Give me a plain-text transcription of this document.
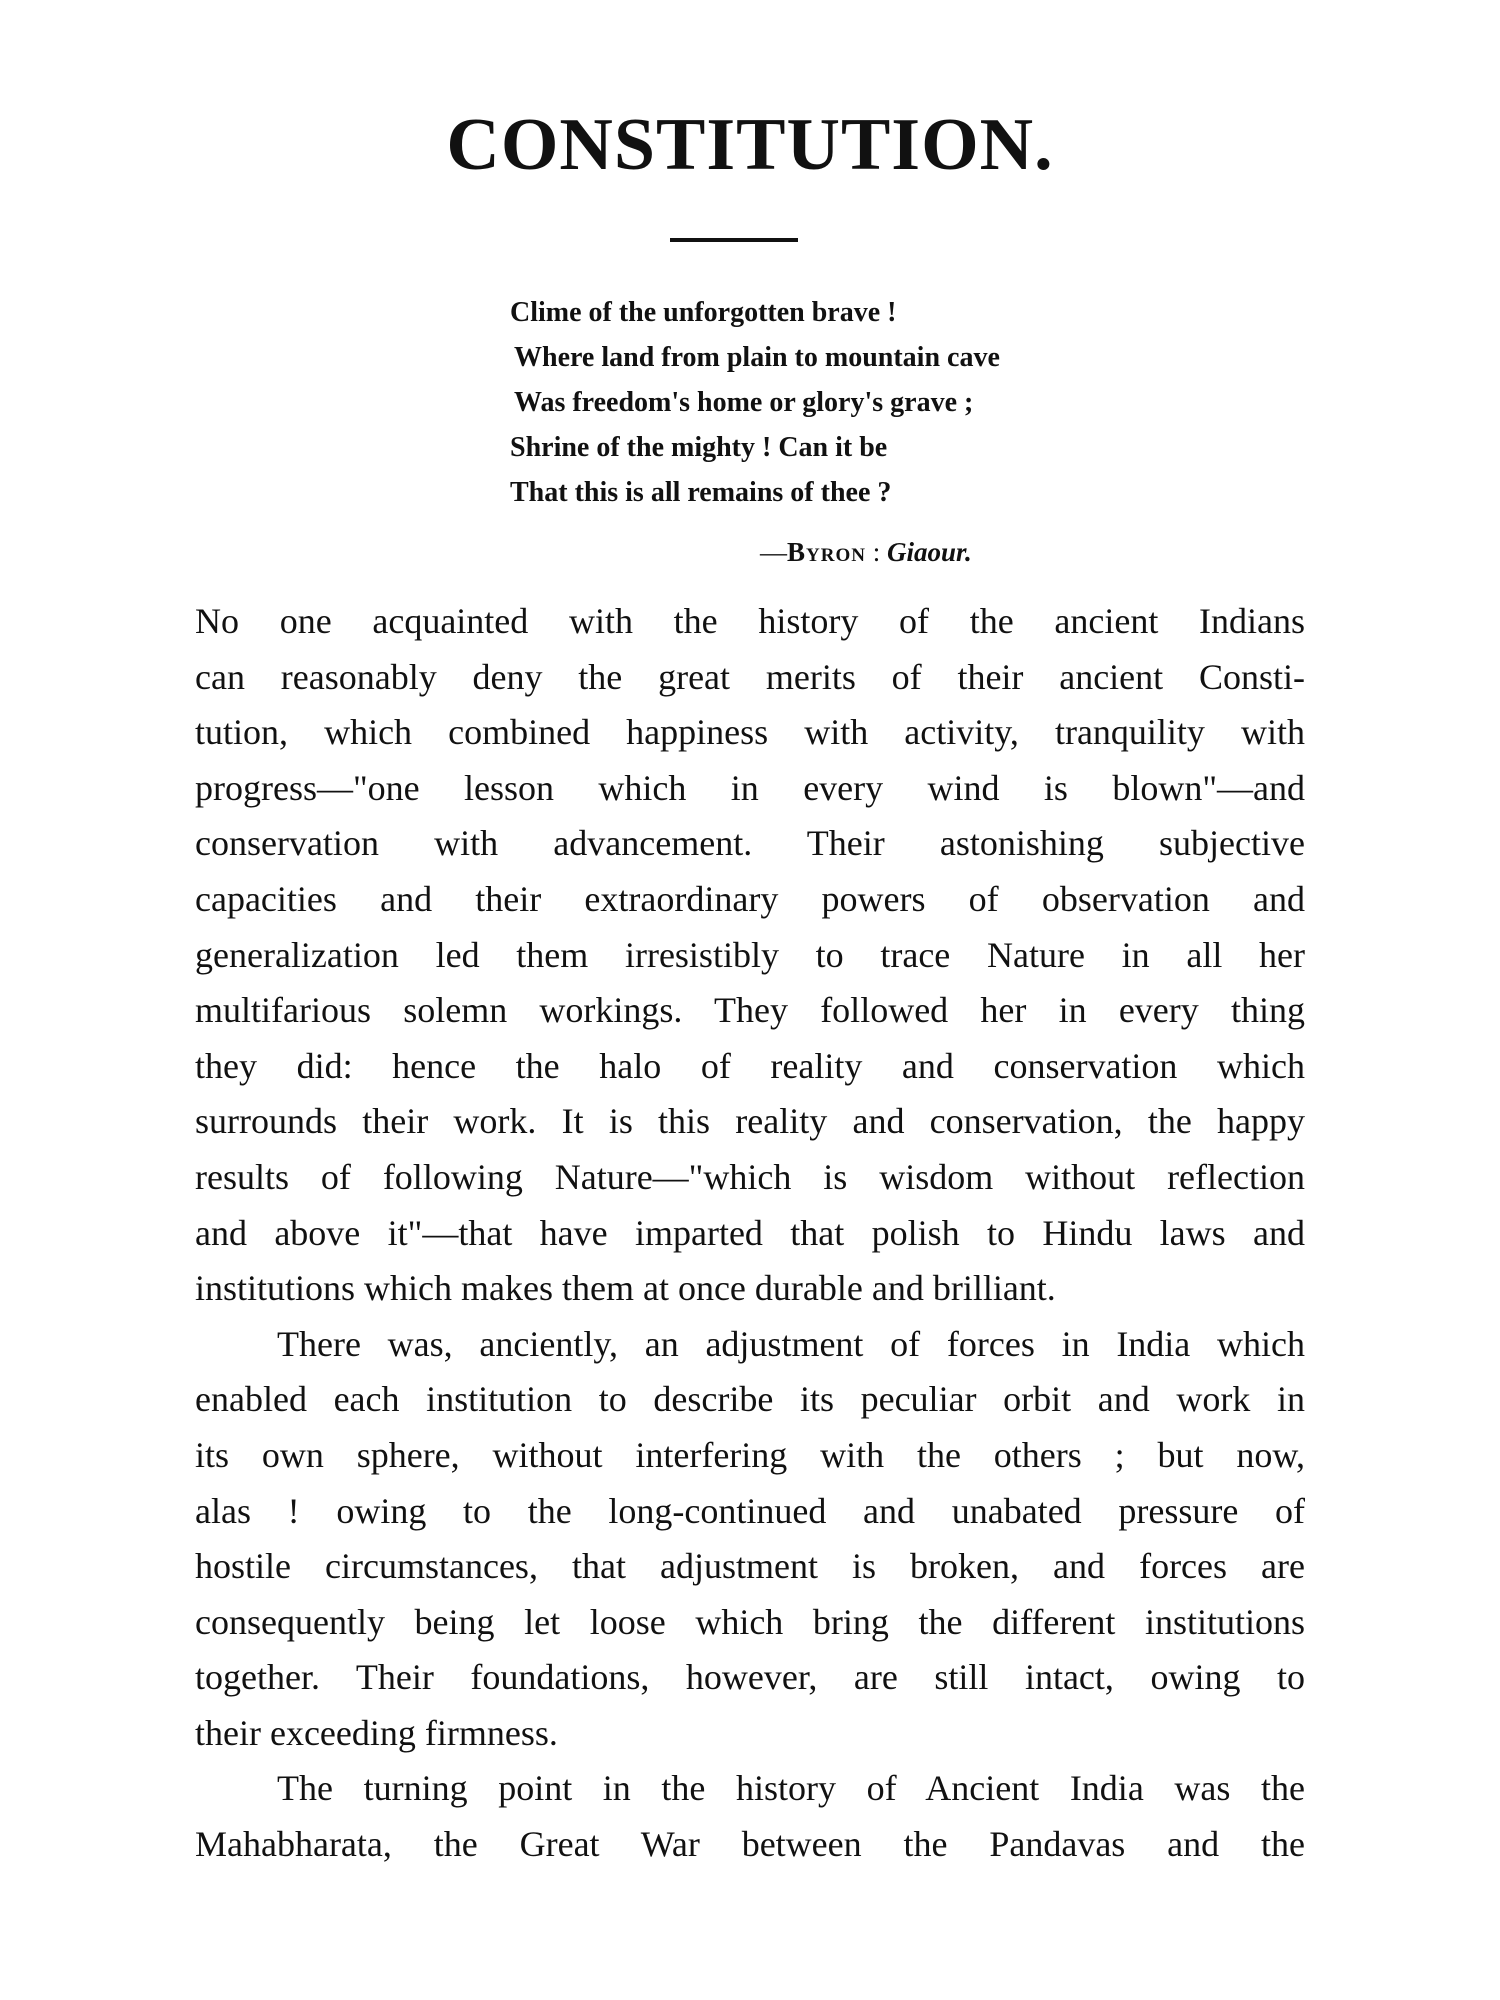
CONSTITUTION.
Clime of the unforgotten brave !
Where land from plain to mountain cave
Was freedom's home or glory's grave ;
Shrine of the mighty ! Can it be
That this is all remains of thee ?
—Byron : Giaour.
No one acquainted with the history of the ancient Indians
can reasonably deny the great merits of their ancient Consti-
tution, which combined happiness with activity, tranquility with
progress—"one lesson which in every wind is blown"—and
conservation with advancement. Their astonishing subjective
capacities and their extraordinary powers of observation and
generalization led them irresistibly to trace Nature in all her
multifarious solemn workings. They followed her in every thing
they did: hence the halo of reality and conservation which
surrounds their work. It is this reality and conservation, the happy
results of following Nature—"which is wisdom without reflection
and above it"—that have imparted that polish to Hindu laws and
institutions which makes them at once durable and brilliant.
There was, anciently, an adjustment of forces in India which
enabled each institution to describe its peculiar orbit and work in
its own sphere, without interfering with the others ; but now,
alas ! owing to the long-continued and unabated pressure of
hostile circumstances, that adjustment is broken, and forces are
consequently being let loose which bring the different institutions
together. Their foundations, however, are still intact, owing to
their exceeding firmness.
The turning point in the history of Ancient India was the
Mahabharata, the Great War between the Pandavas and the
